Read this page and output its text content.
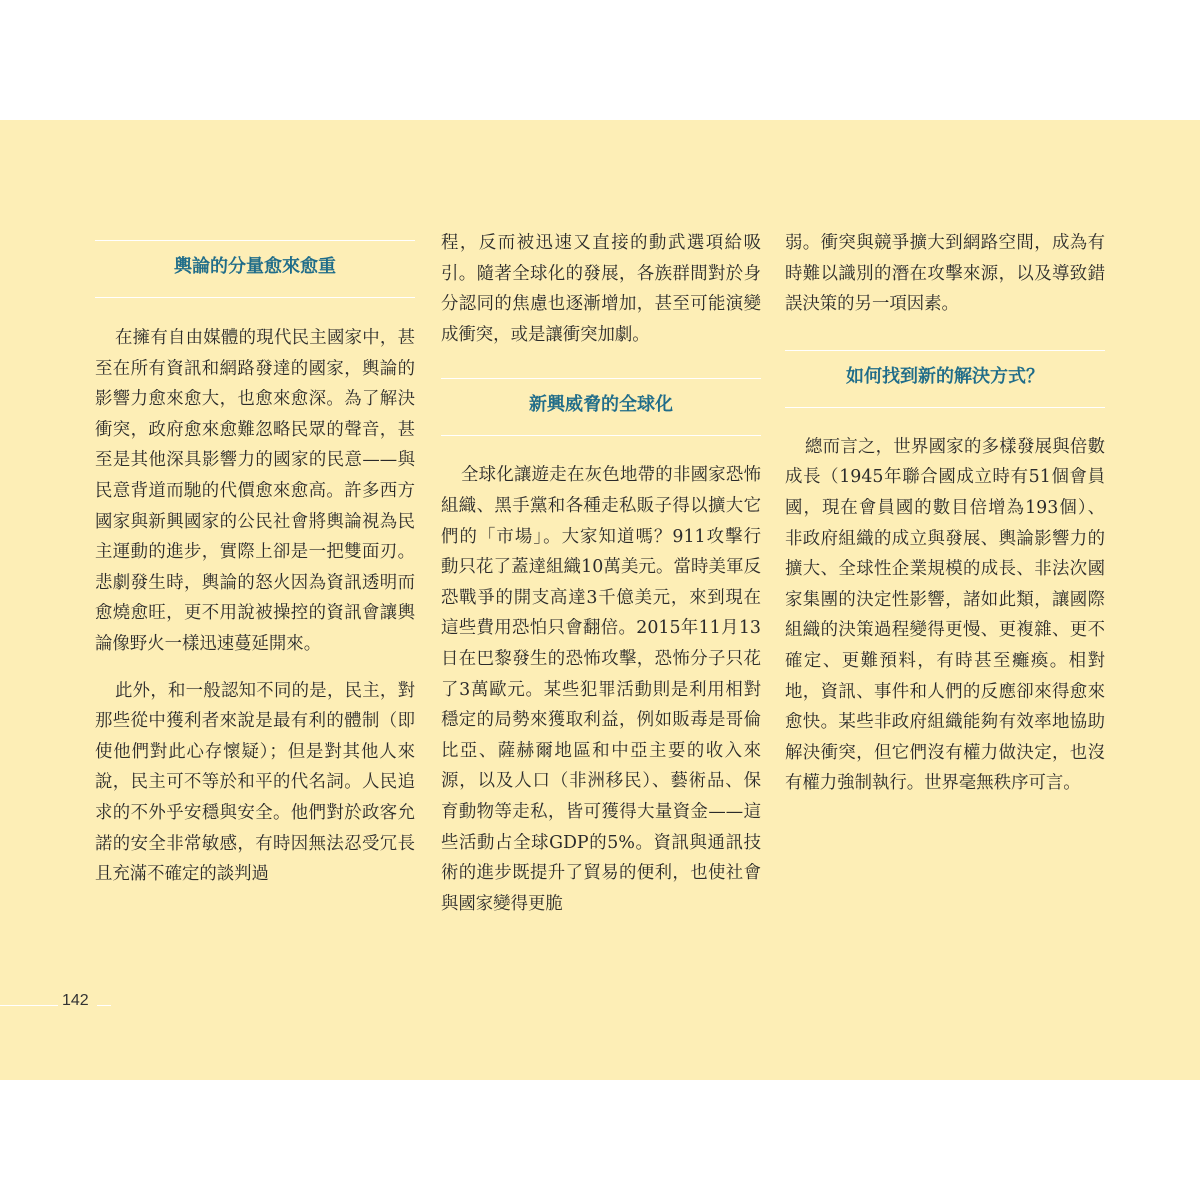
輿論的分量愈來愈重

在擁有自由媒體的現代民主國家中，甚至在所有資訊和網路發達的國家，輿論的影響力愈來愈大，也愈來愈深。為了解決衝突，政府愈來愈難忽略民眾的聲音，甚至是其他深具影響力的國家的民意——與民意背道而馳的代價愈來愈高。許多西方國家與新興國家的公民社會將輿論視為民主運動的進步，實際上卻是一把雙面刃。悲劇發生時，輿論的怒火因為資訊透明而愈燒愈旺，更不用說被操控的資訊會讓輿論像野火一樣迅速蔓延開來。

此外，和一般認知不同的是，民主，對那些從中獲利者來說是最有利的體制（即使他們對此心存懷疑）；但是對其他人來說，民主可不等於和平的代名詞。人民追求的不外乎安穩與安全。他們對於政客允諾的安全非常敏感，有時因無法忍受冗長且充滿不確定的談判過

程，反而被迅速又直接的動武選項給吸引。隨著全球化的發展，各族群間對於身分認同的焦慮也逐漸增加，甚至可能演變成衝突，或是讓衝突加劇。

新興威脅的全球化

全球化讓遊走在灰色地帶的非國家恐怖組織、黑手黨和各種走私販子得以擴大它們的「市場」。大家知道嗎？911攻擊行動只花了蓋達組織10萬美元。當時美軍反恐戰爭的開支高達3千億美元，來到現在這些費用恐怕只會翻倍。2015年11月13日在巴黎發生的恐怖攻擊，恐怖分子只花了3萬歐元。某些犯罪活動則是利用相對穩定的局勢來獲取利益，例如販毒是哥倫比亞、薩赫爾地區和中亞主要的收入來源，以及人口（非洲移民）、藝術品、保育動物等走私，皆可獲得大量資金——這些活動占全球GDP的5%。資訊與通訊技術的進步既提升了貿易的便利，也使社會與國家變得更脆

弱。衝突與競爭擴大到網路空間，成為有時難以識別的潛在攻擊來源，以及導致錯誤決策的另一項因素。

如何找到新的解決方式？

總而言之，世界國家的多樣發展與倍數成長（1945年聯合國成立時有51個會員國，現在會員國的數目倍增為193個）、非政府組織的成立與發展、輿論影響力的擴大、全球性企業規模的成長、非法次國家集團的決定性影響，諸如此類，讓國際組織的決策過程變得更慢、更複雜、更不確定、更難預料，有時甚至癱瘓。相對地，資訊、事件和人們的反應卻來得愈來愈快。某些非政府組織能夠有效率地協助解決衝突，但它們沒有權力做決定，也沒有權力強制執行。世界毫無秩序可言。

142
